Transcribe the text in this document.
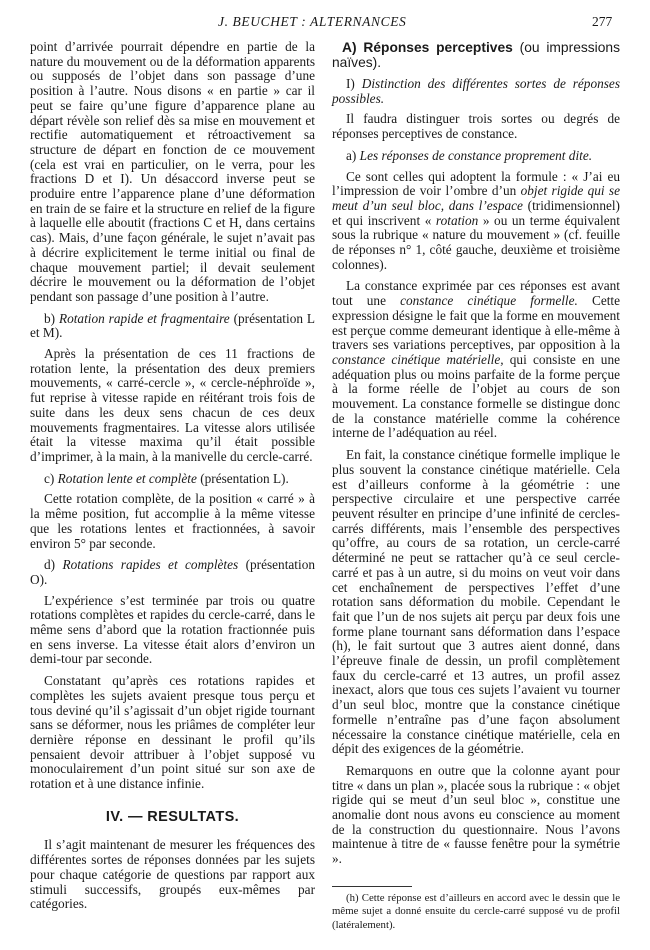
J. BEUCHET : ALTERNANCES	277

point d’arrivée pourrait dépendre en partie de la nature du mouvement ou de la déformation apparents ou supposés de l’objet dans son passage d’une position à l’autre. Nous disons « en partie » car il peut se faire qu’une figure d’apparence plane au départ révèle son relief dès sa mise en mouvement et rectifie automatiquement et rétroactivement sa structure de départ en fonction de ce mouvement (cela est vrai en particulier, on le verra, pour les fractions D et I). Un désaccord inverse peut se produire entre l’apparence plane d’une déformation en train de se faire et la structure en relief de la figure à laquelle elle aboutit (fractions C et H, dans certains cas). Mais, d’une façon générale, le sujet n’avait pas à décrire explicitement le terme initial ou final de chaque mouvement partiel; il devait seulement décrire le mouvement ou la déformation de l’objet pendant son passage d’une position à l’autre.

b) Rotation rapide et fragmentaire (présentation L et M).

Après la présentation de ces 11 fractions de rotation lente, la présentation des deux premiers mouvements, « carré-cercle », « cercle-néphroïde », fut reprise à vitesse rapide en réitérant trois fois de suite dans les deux sens chacun de ces deux mouvements fragmentaires. La vitesse alors utilisée était la vitesse maxima qu’il était possible d’imprimer, à la main, à la manivelle du cercle-carré.

c) Rotation lente et complète (présentation L).

Cette rotation complète, de la position « carré » à la même position, fut accomplie à la même vitesse que les rotations lentes et fractionnées, à savoir environ 5° par seconde.

d) Rotations rapides et complètes (présentation O).

L’expérience s’est terminée par trois ou quatre rotations complètes et rapides du cercle-carré, dans le même sens d’abord que la rotation fractionnée puis en sens inverse. La vitesse était alors d’environ un demi-tour par seconde.

Constatant qu’après ces rotations rapides et complètes les sujets avaient presque tous perçu et tous deviné qu’il s’agissait d’un objet rigide tournant sans se déformer, nous les priâmes de compléter leur dernière réponse en dessinant le profil qu’ils pensaient devoir attribuer à l’objet supposé vu monoculairement d’un point situé sur son axe de rotation et à une distance infinie.

IV. — RESULTATS.

Il s’agit maintenant de mesurer les fréquences des différentes sortes de réponses données par les sujets pour chaque catégorie de questions par rapport aux stimuli successifs, groupés eux-mêmes par catégories.

A) Réponses perceptives (ou impressions naïves).

I) Distinction des différentes sortes de réponses possibles.

Il faudra distinguer trois sortes ou degrés de réponses perceptives de constance.

a) Les réponses de constance proprement dite.

Ce sont celles qui adoptent la formule : « J’ai eu l’impression de voir l’ombre d’un objet rigide qui se meut d’un seul bloc, dans l’espace (tridimensionnel) et qui inscrivent « rotation » ou un terme équivalent sous la rubrique « nature du mouvement » (cf. feuille de réponses n° 1, côté gauche, deuxième et troisième colonnes).

La constance exprimée par ces réponses est avant tout une constance cinétique formelle. Cette expression désigne le fait que la forme en mouvement est perçue comme demeurant identique à elle-même à travers ses variations perceptives, par opposition à la constance cinétique matérielle, qui consiste en une adéquation plus ou moins parfaite de la forme perçue à la forme réelle de l’objet au cours de son mouvement. La constance formelle se distingue donc de la constance matérielle comme la cohérence interne de l’adéquation au réel.

En fait, la constance cinétique formelle implique le plus souvent la constance cinétique matérielle. Cela est d’ailleurs conforme à la géométrie : une perspective circulaire et une perspective carrée peuvent résulter en principe d’une infinité de cercles-carrés différents, mais l’ensemble des perspectives qu’offre, au cours de sa rotation, un cercle-carré déterminé ne peut se rattacher qu’à ce seul cercle-carré et pas à un autre, si du moins on veut voir dans cet enchaînement de perspectives l’effet d’une rotation sans déformation du mobile. Cependant le fait que l’un de nos sujets ait perçu par deux fois une forme plane tournant sans déformation dans l’espace (h), le fait surtout que 3 autres aient donné, dans l’épreuve finale de dessin, un profil complètement faux du cercle-carré et 13 autres, un profil assez inexact, alors que tous ces sujets l’avaient vu tourner d’un seul bloc, montre que la constance cinétique formelle n’entraîne pas d’une façon absolument nécessaire la constance cinétique matérielle, cela en dépit des exigences de la géométrie.

Remarquons en outre que la colonne ayant pour titre « dans un plan », placée sous la rubrique : « objet rigide qui se meut d’un seul bloc », constitue une anomalie dont nous avons eu conscience au moment de la construction du questionnaire. Nous l’avons maintenue à titre de « fausse fenêtre pour la symétrie ».

(h) Cette réponse est d’ailleurs en accord avec le dessin que le même sujet a donné ensuite du cercle-carré supposé vu de profil (latéralement).
